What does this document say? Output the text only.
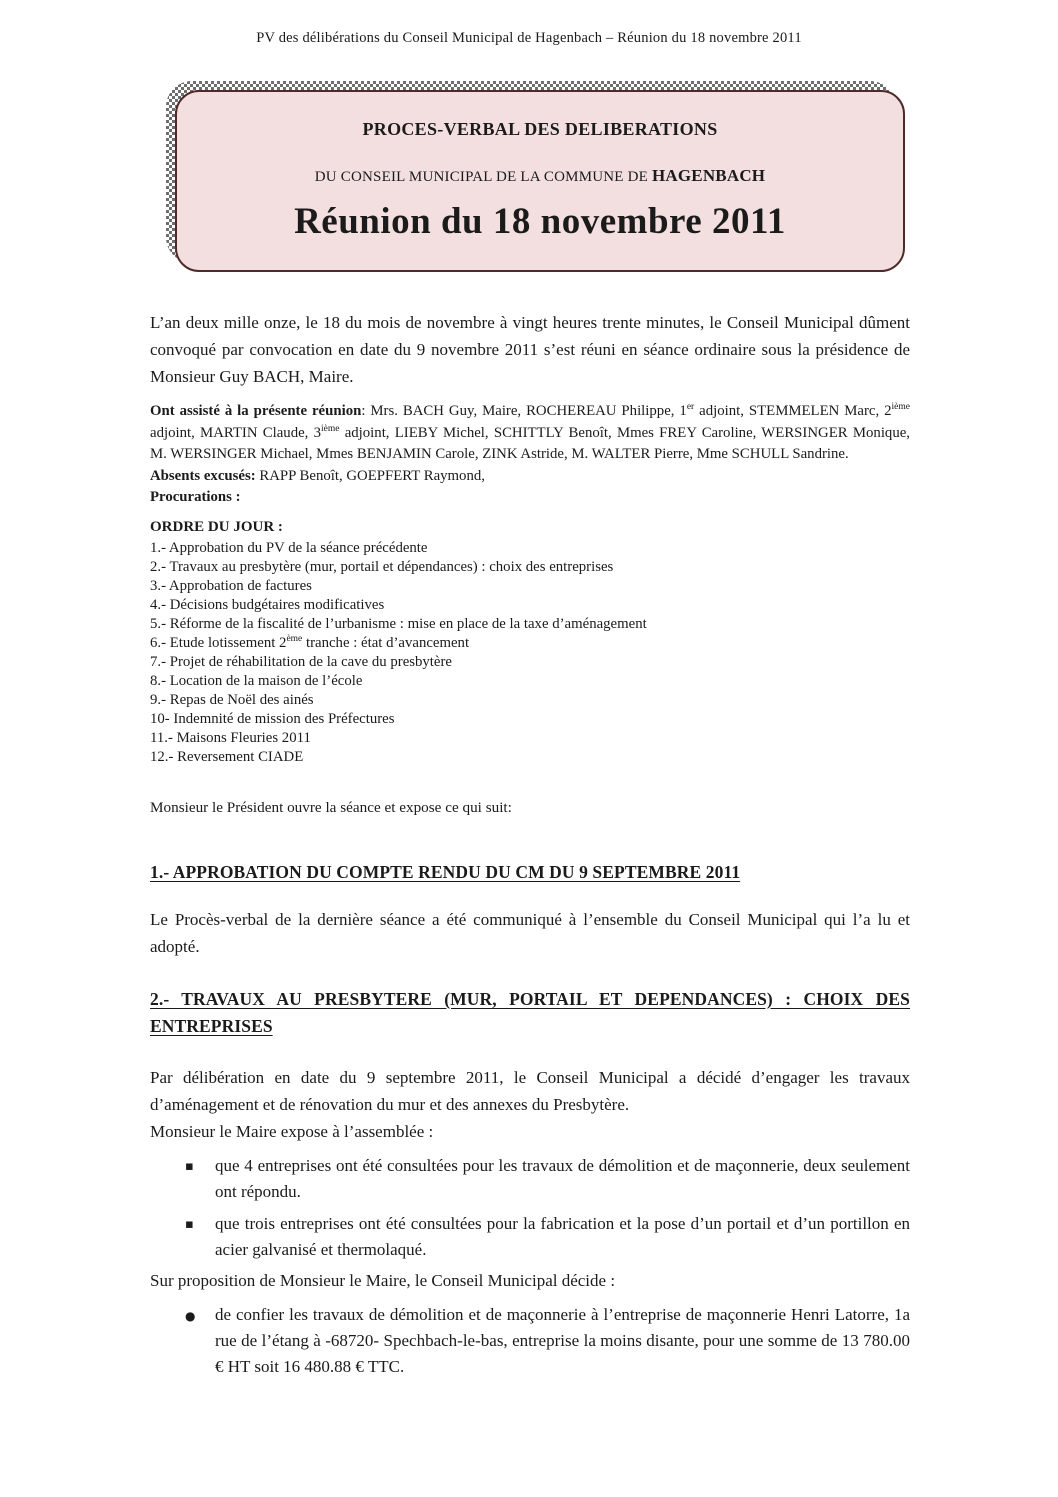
PV des délibérations du Conseil Municipal de Hagenbach – Réunion du 18 novembre 2011
PROCES-VERBAL DES DELIBERATIONS
DU CONSEIL MUNICIPAL DE LA COMMUNE DE HAGENBACH
Réunion du 18 novembre 2011

L’an deux mille onze, le 18 du mois de novembre à vingt heures trente minutes, le Conseil Municipal dûment convoqué par convocation en date du 9 novembre 2011 s’est réuni en séance ordinaire sous la présidence de Monsieur Guy BACH, Maire.

Ont assisté à la présente réunion: Mrs. BACH Guy, Maire, ROCHEREAU Philippe, 1er adjoint, STEMMELEN Marc, 2ième adjoint, MARTIN Claude, 3ième adjoint, LIEBY Michel, SCHITTLY Benoît, Mmes FREY Caroline, WERSINGER Monique, M. WERSINGER Michael, Mmes BENJAMIN Carole, ZINK Astride, M. WALTER Pierre, Mme SCHULL Sandrine.

Absents excusés: RAPP Benoît, GOEPFERT Raymond,

Procurations :

ORDRE DU JOUR :
1.- Approbation du PV de la séance précédente
2.- Travaux au presbytère (mur, portail et dépendances) : choix des entreprises
3.- Approbation de factures
4.- Décisions budgétaires modificatives
5.- Réforme de la fiscalité de l’urbanisme : mise en place de la taxe d’aménagement
6.- Etude lotissement 2ème tranche : état d’avancement
7.- Projet de réhabilitation de la cave du presbytère
8.- Location de la maison de l’école
9.- Repas de Noël des ainés
10- Indemnité de mission des Préfectures
11.- Maisons Fleuries 2011
12.- Reversement CIADE

Monsieur le Président ouvre la séance et expose ce qui suit:

1.- APPROBATION DU COMPTE RENDU DU CM DU 9 SEPTEMBRE 2011

Le Procès-verbal de la dernière séance a été communiqué à l’ensemble du Conseil Municipal qui l’a lu et adopté.

2.- TRAVAUX AU PRESBYTERE (MUR, PORTAIL ET DEPENDANCES) : CHOIX DES ENTREPRISES

Par délibération en date du 9 septembre 2011, le Conseil Municipal a décidé d’engager les travaux d’aménagement et de rénovation du mur et des annexes du Presbytère.

Monsieur le Maire expose à l’assemblée :

▪ que 4 entreprises ont été consultées pour les travaux de démolition et de maçonnerie, deux seulement ont répondu.
▪ que trois entreprises ont été consultées pour la fabrication et la pose d’un portail et d’un portillon en acier galvanisé et thermolaqué.

Sur proposition de Monsieur le Maire, le Conseil Municipal décide :

● de confier les travaux de démolition et de maçonnerie à l’entreprise de maçonnerie Henri Latorre, 1a rue de l’étang à -68720- Spechbach-le-bas, entreprise la moins disante, pour une somme de 13 780.00 € HT soit 16 480.88 € TTC.
